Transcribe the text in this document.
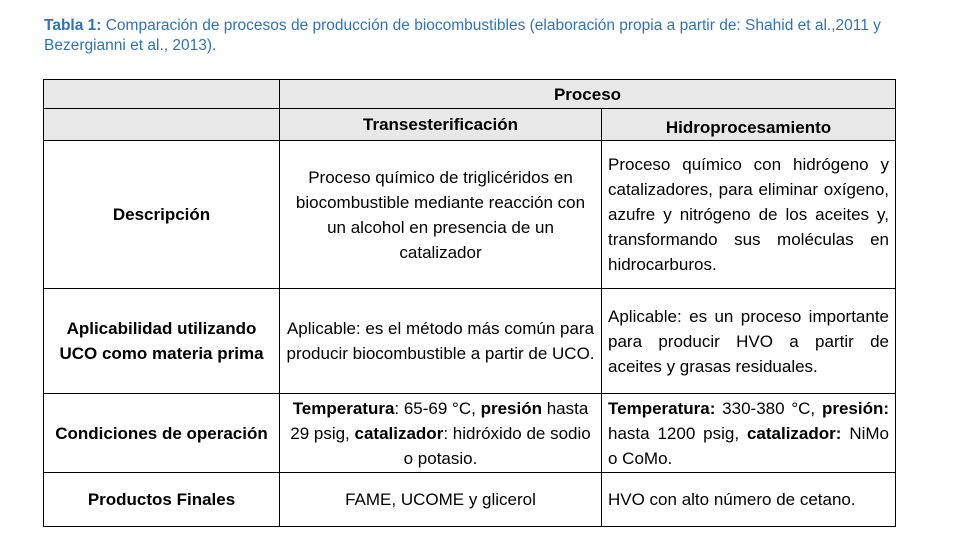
Tabla 1: Comparación de procesos de producción de biocombustibles (elaboración propia a partir de: Shahid et al.,2011 y Bezergianni et al., 2013).
	Proceso	
	Transesterificación	Hidroprocesamiento
Descripción	Proceso químico de triglicéridos en biocombustible mediante reacción con un alcohol en presencia de un catalizador	Proceso químico con hidrógeno y catalizadores, para eliminar oxígeno, azufre y nitrógeno de los aceites y, transformando sus moléculas en hidrocarburos.
Aplicabilidad utilizando UCO como materia prima	Aplicable: es el método más común para producir biocombustible a partir de UCO.	Aplicable: es un proceso importante para producir HVO a partir de aceites y grasas residuales.
Condiciones de operación	Temperatura: 65-69 °C, presión hasta 29 psig, catalizador: hidróxido de sodio o potasio.	Temperatura: 330-380 °C, presión: hasta 1200 psig, catalizador: NiMo o CoMo.
Productos Finales	FAME, UCOME y glicerol	HVO con alto número de cetano.
